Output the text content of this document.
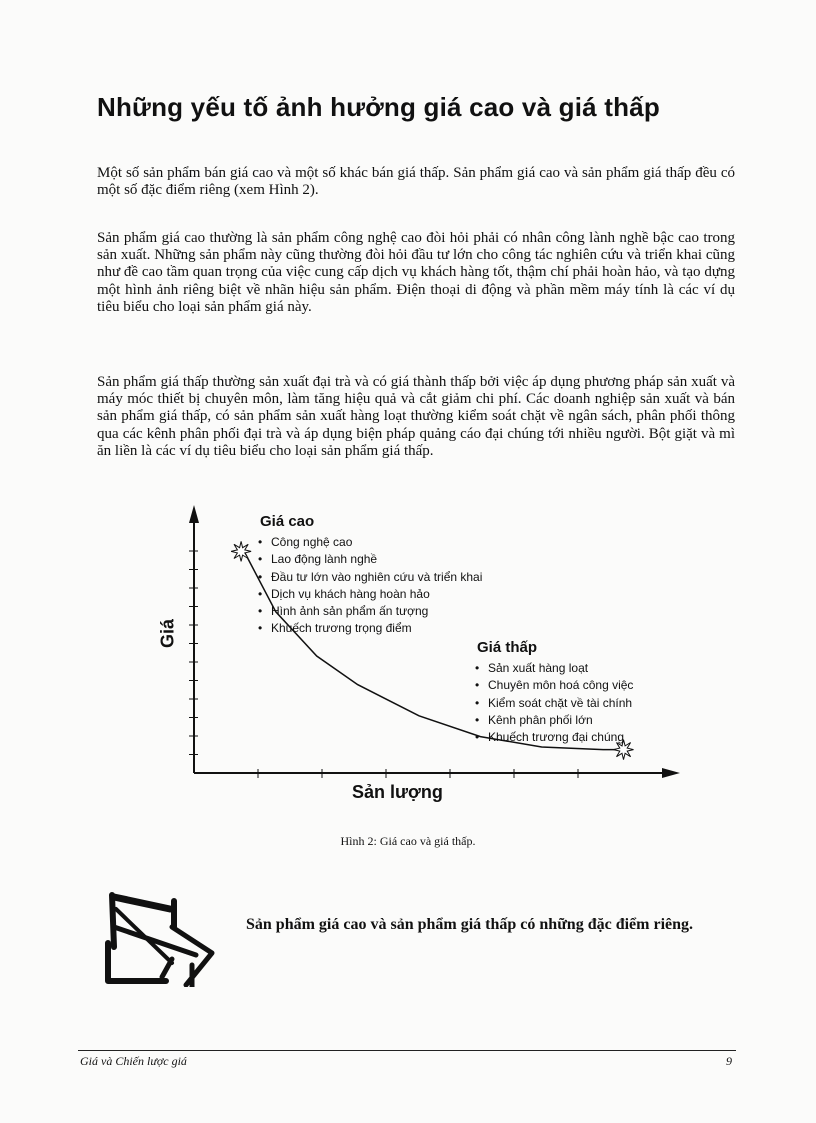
Những yếu tố ảnh hưởng giá cao và giá thấp

Một số sản phẩm bán giá cao và một số khác bán giá thấp. Sản phẩm giá cao và sản phẩm giá thấp đều có một số đặc điểm riêng (xem Hình 2).

Sản phẩm giá cao thường là sản phẩm công nghệ cao đòi hỏi phải có nhân công lành nghề bậc cao trong sản xuất. Những sản phẩm này cũng thường đòi hỏi đầu tư lớn cho công tác nghiên cứu và triển khai cũng như đề cao tầm quan trọng của việc cung cấp dịch vụ khách hàng tốt, thậm chí phải hoàn hảo, và tạo dựng một hình ảnh riêng biệt về nhãn hiệu sản phẩm. Điện thoại di động và phần mềm máy tính là các ví dụ tiêu biểu cho loại sản phẩm giá này.

Sản phẩm giá thấp thường sản xuất đại trà và có giá thành thấp bởi việc áp dụng phương pháp sản xuất và máy móc thiết bị chuyên môn, làm tăng hiệu quả và cắt giảm chi phí. Các doanh nghiệp sản xuất và bán sản phẩm giá thấp, có sản phẩm sản xuất hàng loạt thường kiểm soát chặt về ngân sách, phân phối thông qua các kênh phân phối đại trà và áp dụng biện pháp quảng cáo đại chúng tới nhiều người. Bột giặt và mì ăn liền là các ví dụ tiêu biểu cho loại sản phẩm giá thấp.

Giá cao
• Công nghệ cao
• Lao động lành nghề
• Đầu tư lớn vào nghiên cứu và triển khai
• Dịch vụ khách hàng hoàn hảo
• Hình ảnh sản phẩm ấn tượng
• Khuếch trương trọng điểm
Giá thấp
• Sản xuất hàng loạt
• Chuyên môn hoá công việc
• Kiểm soát chặt về tài chính
• Kênh phân phối lớn
• Khuếch trương đại chúng
Sản lượng
Giá
Hình 2: Giá cao và giá thấp.

Sản phẩm giá cao và sản phẩm giá thấp có những đặc điểm riêng.

Giá và Chiến lược giá	9
